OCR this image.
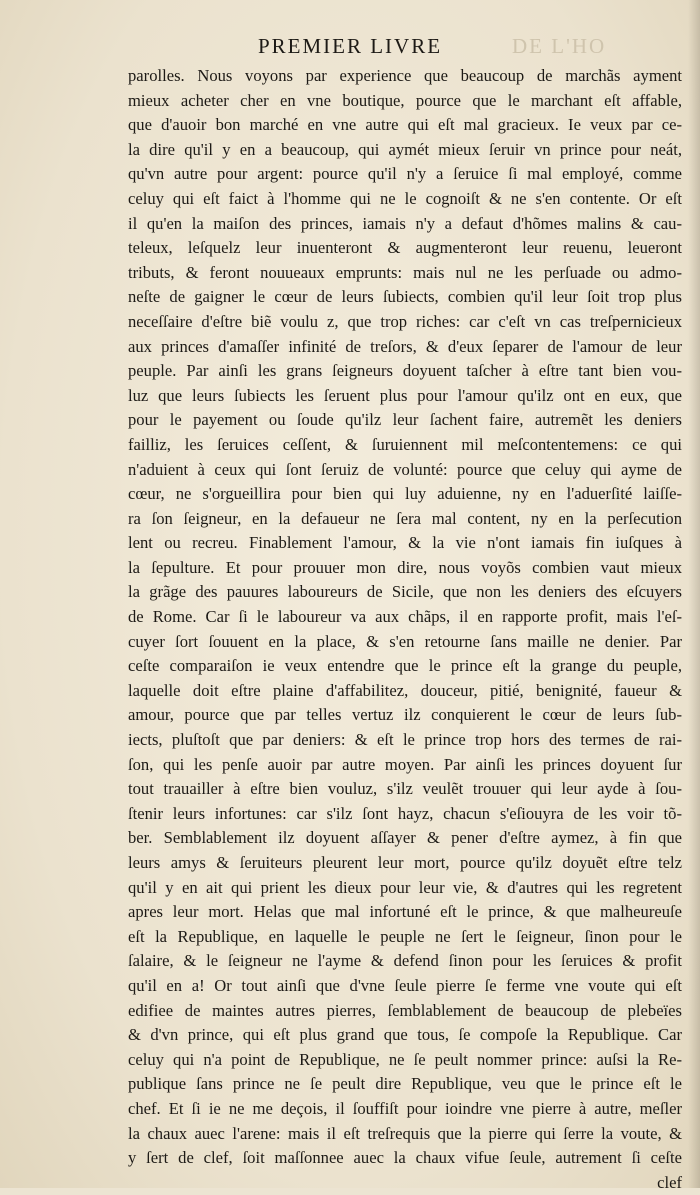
PREMIER LIVRE	DE L'HO
parolles. Nous voyons par experience que beaucoup de marchãs ayment
mieux acheter cher en vne boutique, pource que le marchant eſt affable,
que d'auoir bon marché en vne autre qui eſt mal gracieux. Ie veux par ce-
la dire qu'il y en a beaucoup, qui aymét mieux ſeruir vn prince pour neát,
qu'vn autre pour argent: pource qu'il n'y a ſeruice ſi mal employé, comme
celuy qui eſt faict à l'homme qui ne le cognoiſt & ne s'en contente. Or eſt
il qu'en la maiſon des princes, iamais n'y a defaut d'hõmes malins & cau-
teleux, leſquelz leur inuenteront & augmenteront leur reuenu, leueront
tributs, & feront nouueaux emprunts: mais nul ne les perſuade ou admo-
neſte de gaigner le cœur de leurs ſubiects, combien qu'il leur ſoit trop plus
neceſſaire d'eſtre biẽ voulu z, que trop riches: car c'eſt vn cas treſpernicieux
aux princes d'amaſſer infinité de treſors, & d'eux ſeparer de l'amour de leur
peuple. Par ainſi les grans ſeigneurs doyuent taſcher à eſtre tant bien vou-
luz que leurs ſubiects les ſeruent plus pour l'amour qu'ilz ont en eux, que
pour le payement ou ſoude qu'ilz leur ſachent faire, autremẽt les deniers
failliz, les ſeruices ceſſent, & ſuruiennent mil meſcontentemens: ce qui
n'aduient à ceux qui ſont ſeruiz de volunté: pource que celuy qui ayme de
cœur, ne s'orgueillira pour bien qui luy aduienne, ny en l'aduerſité laiſſe-
ra ſon ſeigneur, en la defaueur ne ſera mal content, ny en la perſecution
lent ou recreu. Finablement l'amour, & la vie n'ont iamais fin iuſques à
la ſepulture. Et pour prouuer mon dire, nous voyõs combien vaut mieux
la grãge des pauures laboureurs de Sicile, que non les deniers des eſcuyers
de Rome. Car ſi le laboureur va aux chãps, il en rapporte profit, mais l'eſ-
cuyer ſort ſouuent en la place, & s'en retourne ſans maille ne denier. Par
ceſte comparaiſon ie veux entendre que le prince eſt la grange du peuple,
laquelle doit eſtre plaine d'affabilitez, douceur, pitié, benignité, faueur &
amour, pource que par telles vertuz ilz conquierent le cœur de leurs ſub-
iects, pluſtoſt que par deniers: & eſt le prince trop hors des termes de rai-
ſon, qui les penſe auoir par autre moyen. Par ainſi les princes doyuent ſur
tout trauailler à eſtre bien vouluz, s'ilz veulẽt trouuer qui leur ayde à ſou-
ſtenir leurs infortunes: car s'ilz ſont hayz, chacun s'eſiouyra de les voir tõ-
ber. Semblablement ilz doyuent aſſayer & pener d'eſtre aymez, à fin que
leurs amys & ſeruiteurs pleurent leur mort, pource qu'ilz doyuẽt eſtre telz
qu'il y en ait qui prient les dieux pour leur vie, & d'autres qui les regretent
apres leur mort. Helas que mal infortuné eſt le prince, & que malheureuſe
eſt la Republique, en laquelle le peuple ne ſert le ſeigneur, ſinon pour le
ſalaire, & le ſeigneur ne l'ayme & defend ſinon pour les ſeruices & profit
qu'il en a! Or tout ainſi que d'vne ſeule pierre ſe ferme vne voute qui eſt
edifiee de maintes autres pierres, ſemblablement de beaucoup de plebeïes
& d'vn prince, qui eſt plus grand que tous, ſe compoſe la Republique. Car
celuy qui n'a point de Republique, ne ſe peult nommer prince: auſsi la Re-
publique ſans prince ne ſe peult dire Republique, veu que le prince eſt le
chef. Et ſi ie ne me deçois, il ſouffiſt pour ioindre vne pierre à autre, meſler
la chaux auec l'arene: mais il eſt treſrequis que la pierre qui ſerre la voute, &
y ſert de clef, ſoit maſſonnee auec la chaux vifue ſeule, autrement ſi ceſte
clef
